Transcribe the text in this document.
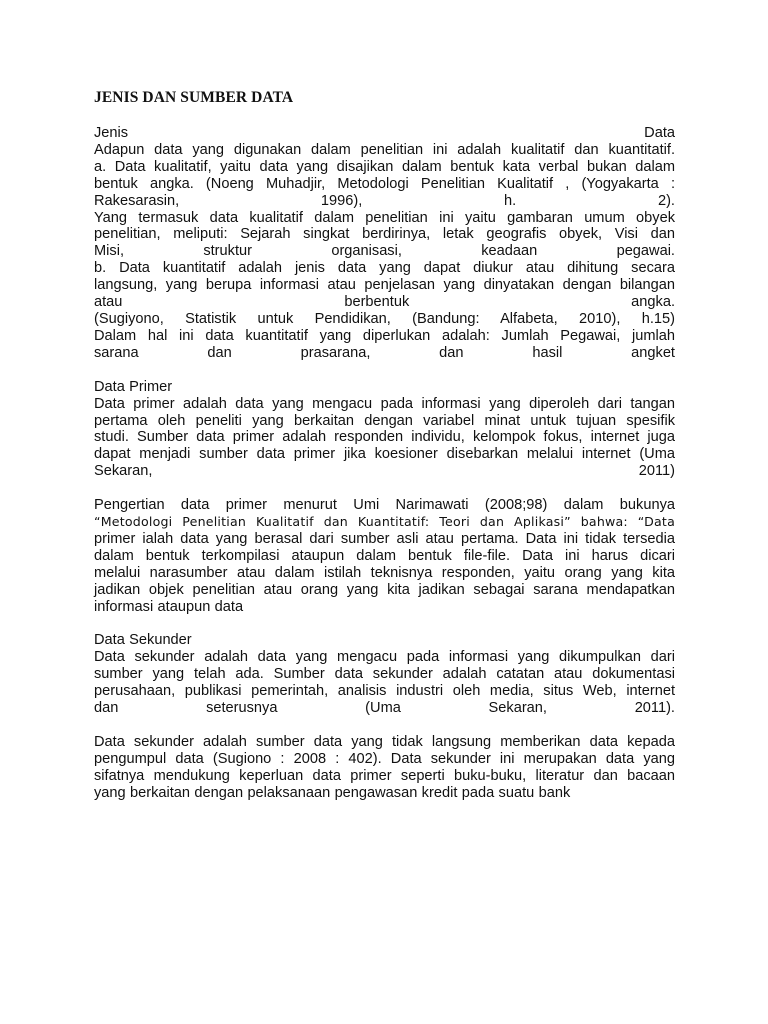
JENIS DAN SUMBER DATA
Jenis Data
Adapun data yang digunakan dalam penelitian ini adalah kualitatif dan kuantitatif.
a. Data kualitatif, yaitu data yang disajikan dalam bentuk kata verbal bukan dalam
bentuk angka. (Noeng Muhadjir, Metodologi Penelitian Kualitatif , (Yogyakarta :
Rakesarasin, 1996), h. 2).
Yang termasuk data kualitatif dalam penelitian ini yaitu gambaran umum obyek
penelitian, meliputi: Sejarah singkat berdirinya, letak geografis obyek, Visi dan
Misi, struktur organisasi, keadaan pegawai.
b. Data kuantitatif adalah jenis data yang dapat diukur atau dihitung secara
langsung, yang berupa informasi atau penjelasan yang dinyatakan dengan bilangan
atau berbentuk angka.
(Sugiyono, Statistik untuk Pendidikan, (Bandung: Alfabeta, 2010), h.15)
Dalam hal ini data kuantitatif yang diperlukan adalah: Jumlah Pegawai, jumlah
sarana dan prasarana, dan hasil angket
Data Primer
Data primer adalah data yang mengacu pada informasi yang diperoleh dari tangan
pertama oleh peneliti yang berkaitan dengan variabel minat untuk tujuan spesifik
studi. Sumber data primer adalah responden individu, kelompok fokus, internet juga
dapat menjadi sumber data primer jika koesioner disebarkan melalui internet (Uma
Sekaran, 2011)
Pengertian data primer menurut Umi Narimawati (2008;98) dalam bukunya
“Metodologi Penelitian Kualitatif dan Kuantitatif: Teori dan Aplikasi” bahwa: “Data
primer ialah data yang berasal dari sumber asli atau pertama. Data ini tidak tersedia
dalam bentuk terkompilasi ataupun dalam bentuk file-file. Data ini harus dicari
melalui narasumber atau dalam istilah teknisnya responden, yaitu orang yang kita
jadikan objek penelitian atau orang yang kita jadikan sebagai sarana mendapatkan
informasi ataupun data
Data Sekunder
Data sekunder adalah data yang mengacu pada informasi yang dikumpulkan dari
sumber yang telah ada. Sumber data sekunder adalah catatan atau dokumentasi
perusahaan, publikasi pemerintah, analisis industri oleh media, situs Web, internet
dan seterusnya (Uma Sekaran, 2011).
Data sekunder adalah sumber data yang tidak langsung memberikan data kepada
pengumpul data (Sugiono : 2008 : 402). Data sekunder ini merupakan data yang
sifatnya mendukung keperluan data primer seperti buku-buku, literatur dan bacaan
yang berkaitan dengan pelaksanaan pengawasan kredit pada suatu bank
